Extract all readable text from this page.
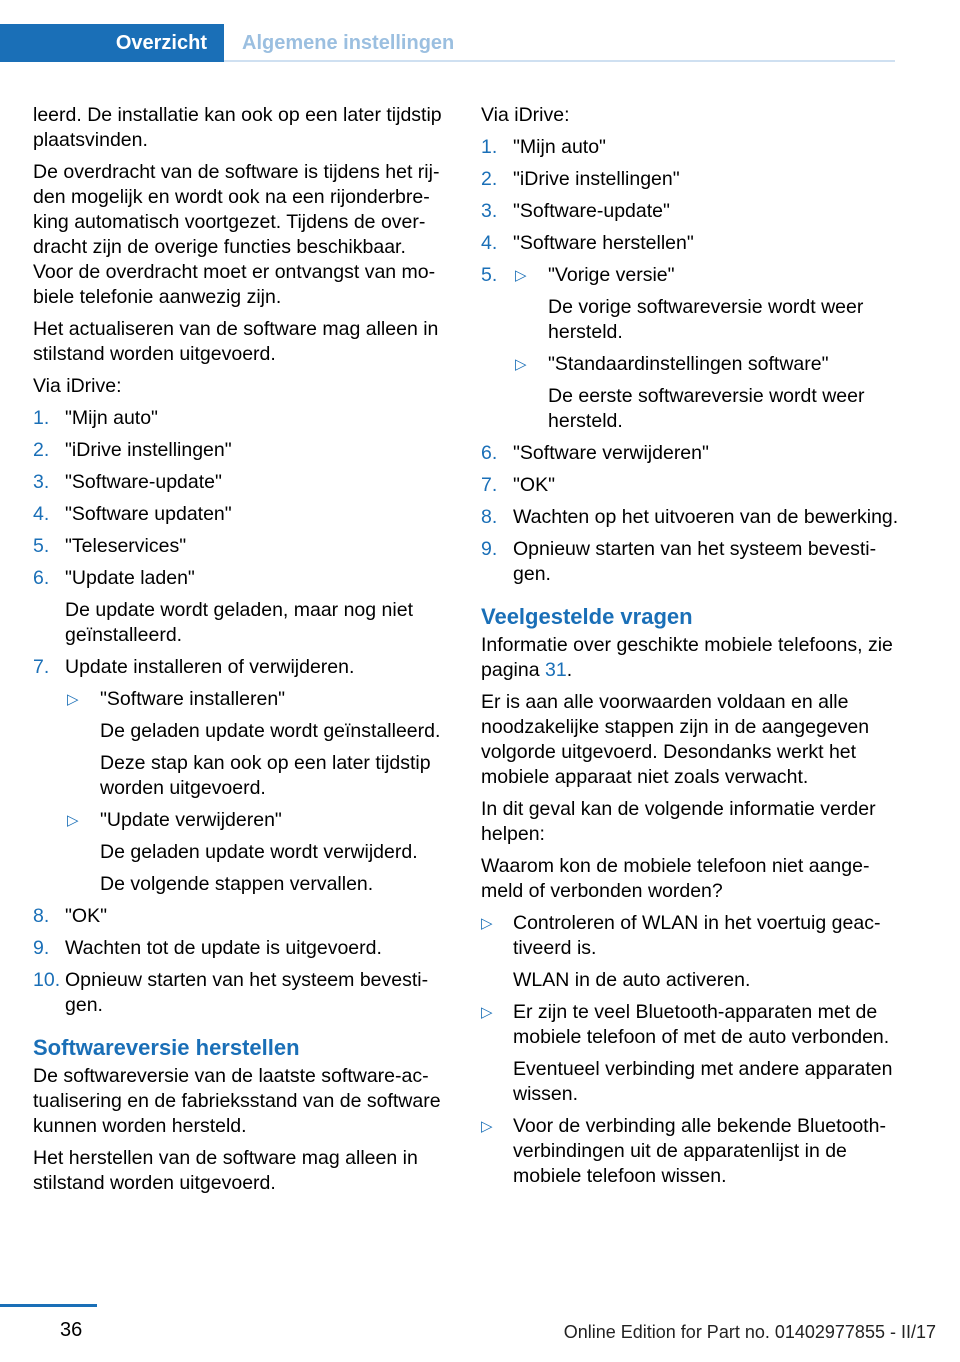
Overzicht	Algemene instellingen

leerd. De installatie kan ook op een later tijdstip plaatsvinden.

De overdracht van de software is tijdens het rijden mogelijk en wordt ook na een rijonderbreking automatisch voortgezet. Tijdens de overdracht zijn de overige functies beschikbaar. Voor de overdracht moet er ontvangst van mobiele telefonie aanwezig zijn.

Het actualiseren van de software mag alleen in stilstand worden uitgevoerd.

Via iDrive:

1. "Mijn auto"
2. "iDrive instellingen"
3. "Software-update"
4. "Software updaten"
5. "Teleservices"
6. "Update laden"
De update wordt geladen, maar nog niet geïnstalleerd.
7. Update installeren of verwijderen.
▷ "Software installeren"
De geladen update wordt geïnstalleerd.
Deze stap kan ook op een later tijdstip worden uitgevoerd.
▷ "Update verwijderen"
De geladen update wordt verwijderd.
De volgende stappen vervallen.
8. "OK"
9. Wachten tot de update is uitgevoerd.
10. Opnieuw starten van het systeem bevestigen.
Softwareversie herstellen

De softwareversie van de laatste software-actualisering en de fabrieksstand van de software kunnen worden hersteld.

Het herstellen van de software mag alleen in stilstand worden uitgevoerd.

Via iDrive:

1. "Mijn auto"
2. "iDrive instellingen"
3. "Software-update"
4. "Software herstellen"
5. ▷ "Vorige versie"
De vorige softwareversie wordt weer hersteld.
▷ "Standaardinstellingen software"
De eerste softwareversie wordt weer hersteld.
6. "Software verwijderen"
7. "OK"
8. Wachten op het uitvoeren van de bewerking.
9. Opnieuw starten van het systeem bevestigen.
Veelgestelde vragen

Informatie over geschikte mobiele telefoons, zie pagina 31.

Er is aan alle voorwaarden voldaan en alle noodzakelijke stappen zijn in de aangegeven volgorde uitgevoerd. Desondanks werkt het mobiele apparaat niet zoals verwacht.

In dit geval kan de volgende informatie verder helpen:

Waarom kon de mobiele telefoon niet aangemeld of verbonden worden?

▷ Controleren of WLAN in het voertuig geactiveerd is.
WLAN in de auto activeren.
▷ Er zijn te veel Bluetooth-apparaten met de mobiele telefoon of met de auto verbonden.
Eventueel verbinding met andere apparaten wissen.
▷ Voor de verbinding alle bekende Bluetooth-verbindingen uit de apparatenlijst in de mobiele telefoon wissen.
36	Online Edition for Part no. 01402977855 - II/17
